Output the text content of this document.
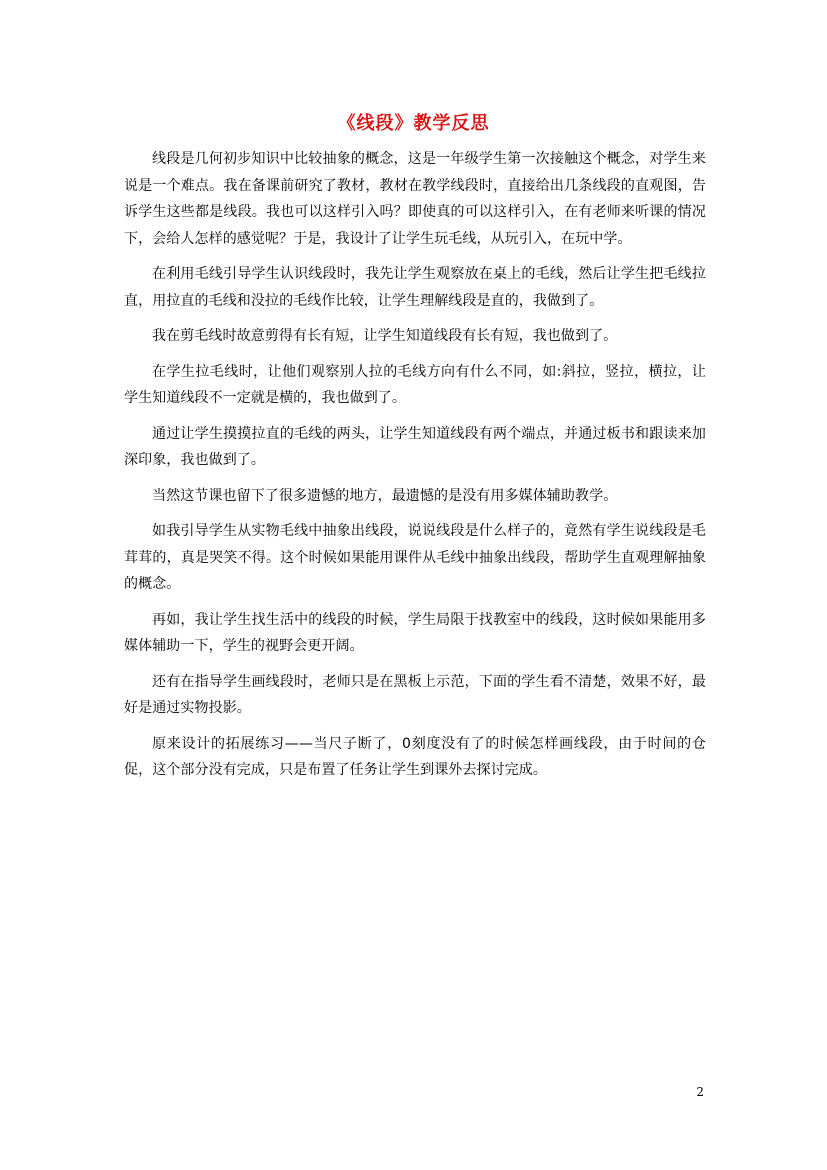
《线段》教学反思

线段是几何初步知识中比较抽象的概念，这是一年级学生第一次接触这个概念，对学生来说是一个难点。我在备课前研究了教材，教材在教学线段时，直接给出几条线段的直观图，告诉学生这些都是线段。我也可以这样引入吗？即使真的可以这样引入，在有老师来听课的情况下，会给人怎样的感觉呢？于是，我设计了让学生玩毛线，从玩引入，在玩中学。

在利用毛线引导学生认识线段时，我先让学生观察放在桌上的毛线，然后让学生把毛线拉直，用拉直的毛线和没拉的毛线作比较，让学生理解线段是直的，我做到了。

我在剪毛线时故意剪得有长有短，让学生知道线段有长有短，我也做到了。

在学生拉毛线时，让他们观察别人拉的毛线方向有什么不同，如:斜拉，竖拉，横拉，让学生知道线段不一定就是横的，我也做到了。

通过让学生摸摸拉直的毛线的两头，让学生知道线段有两个端点，并通过板书和跟读来加深印象，我也做到了。

当然这节课也留下了很多遗憾的地方，最遗憾的是没有用多媒体辅助教学。

如我引导学生从实物毛线中抽象出线段，说说线段是什么样子的，竟然有学生说线段是毛茸茸的，真是哭笑不得。这个时候如果能用课件从毛线中抽象出线段，帮助学生直观理解抽象的概念。

再如，我让学生找生活中的线段的时候，学生局限于找教室中的线段，这时候如果能用多媒体辅助一下，学生的视野会更开阔。

还有在指导学生画线段时，老师只是在黑板上示范，下面的学生看不清楚，效果不好，最好是通过实物投影。

原来设计的拓展练习——当尺子断了，0刻度没有了的时候怎样画线段，由于时间的仓促，这个部分没有完成，只是布置了任务让学生到课外去探讨完成。

2
